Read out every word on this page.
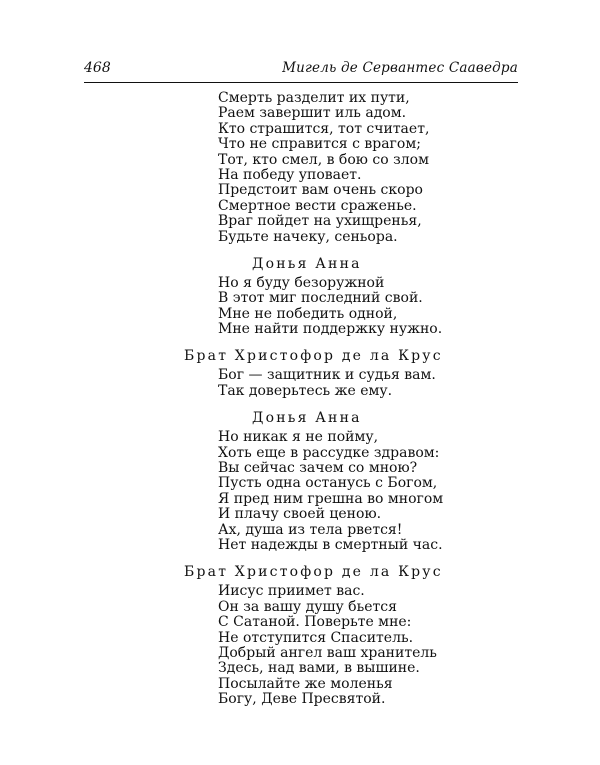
468	Мигель де Сервантес Сааведра
Смерть разделит их пути,
Раем завершит иль адом.
Кто страшится, тот считает,
Что не справится с врагом;
Тот, кто смел, в бою со злом
На победу уповает.
Предстоит вам очень скоро
Смертное вести сраженье.
Враг пойдет на ухищренья,
Будьте начеку, сеньора.
Донья Анна
Но я буду безоружной
В этот миг последний свой.
Мне не победить одной,
Мне найти поддержку нужно.
Брат Христофор де ла Крус
Бог — защитник и судья вам.
Так доверьтесь же ему.
Донья Анна
Но никак я не пойму,
Хоть еще в рассудке здравом:
Вы сейчас зачем со мною?
Пусть одна останусь с Богом,
Я пред ним грешна во многом
И плачу своей ценою.
Ах, душа из тела рвется!
Нет надежды в смертный час.
Брат Христофор де ла Крус
Иисус приимет вас.
Он за вашу душу бьется
С Сатаной. Поверьте мне:
Не отступится Спаситель.
Добрый ангел ваш хранитель
Здесь, над вами, в вышине.
Посылайте же моленья
Богу, Деве Пресвятой.
